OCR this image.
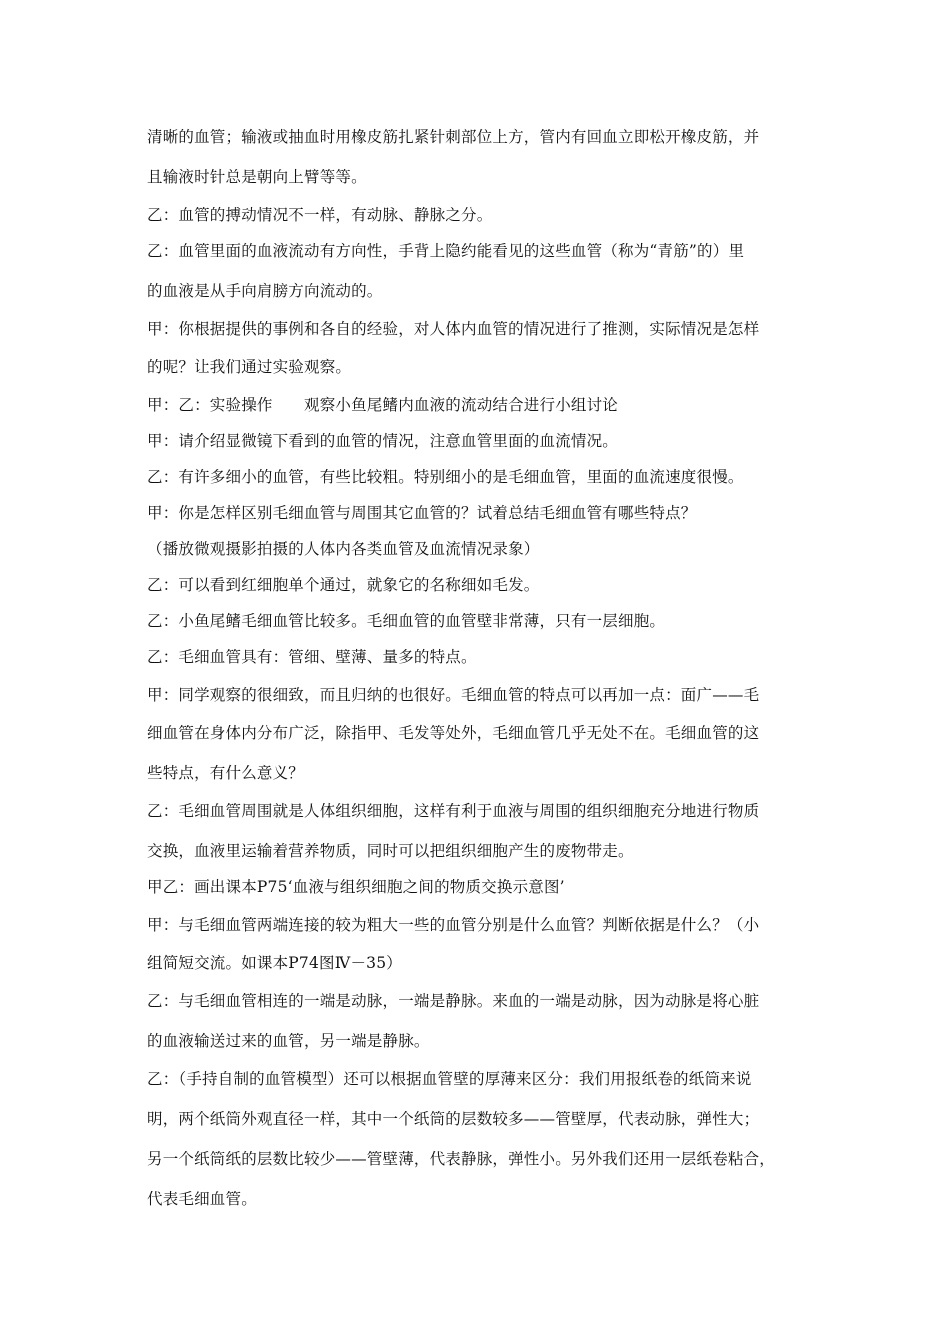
清晰的血管；输液或抽血时用橡皮筋扎紧针刺部位上方，管内有回血立即松开橡皮筋，并
且输液时针总是朝向上臂等等。
乙：血管的搏动情况不一样，有动脉、静脉之分。
乙：血管里面的血液流动有方向性，手背上隐约能看见的这些血管（称为“青筋”的）里
的血液是从手向肩膀方向流动的。
甲：你根据提供的事例和各自的经验，对人体内血管的情况进行了推测，实际情况是怎样
的呢？让我们通过实验观察。
甲：乙：实验操作　　观察小鱼尾鳍内血液的流动结合进行小组讨论
甲：请介绍显微镜下看到的血管的情况，注意血管里面的血流情况。
乙：有许多细小的血管，有些比较粗。特别细小的是毛细血管，里面的血流速度很慢。
甲：你是怎样区别毛细血管与周围其它血管的？试着总结毛细血管有哪些特点？
（播放微观摄影拍摄的人体内各类血管及血流情况录象）
乙：可以看到红细胞单个通过，就象它的名称细如毛发。
乙：小鱼尾鳍毛细血管比较多。毛细血管的血管壁非常薄，只有一层细胞。
乙：毛细血管具有：管细、壁薄、量多的特点。
甲：同学观察的很细致，而且归纳的也很好。毛细血管的特点可以再加一点：面广——毛
细血管在身体内分布广泛，除指甲、毛发等处外，毛细血管几乎无处不在。毛细血管的这
些特点，有什么意义？
乙：毛细血管周围就是人体组织细胞，这样有利于血液与周围的组织细胞充分地进行物质
交换，血液里运输着营养物质，同时可以把组织细胞产生的废物带走。
甲乙：画出课本P75‘血液与组织细胞之间的物质交换示意图’
甲：与毛细血管两端连接的较为粗大一些的血管分别是什么血管？判断依据是什么？（小
组简短交流。如课本P74图Ⅳ－35）
乙：与毛细血管相连的一端是动脉，一端是静脉。来血的一端是动脉，因为动脉是将心脏
的血液输送过来的血管，另一端是静脉。
乙：（手持自制的血管模型）还可以根据血管壁的厚薄来区分：我们用报纸卷的纸筒来说
明，两个纸筒外观直径一样，其中一个纸筒的层数较多——管壁厚，代表动脉，弹性大；
另一个纸筒纸的层数比较少——管壁薄，代表静脉，弹性小。另外我们还用一层纸卷粘合，
代表毛细血管。
